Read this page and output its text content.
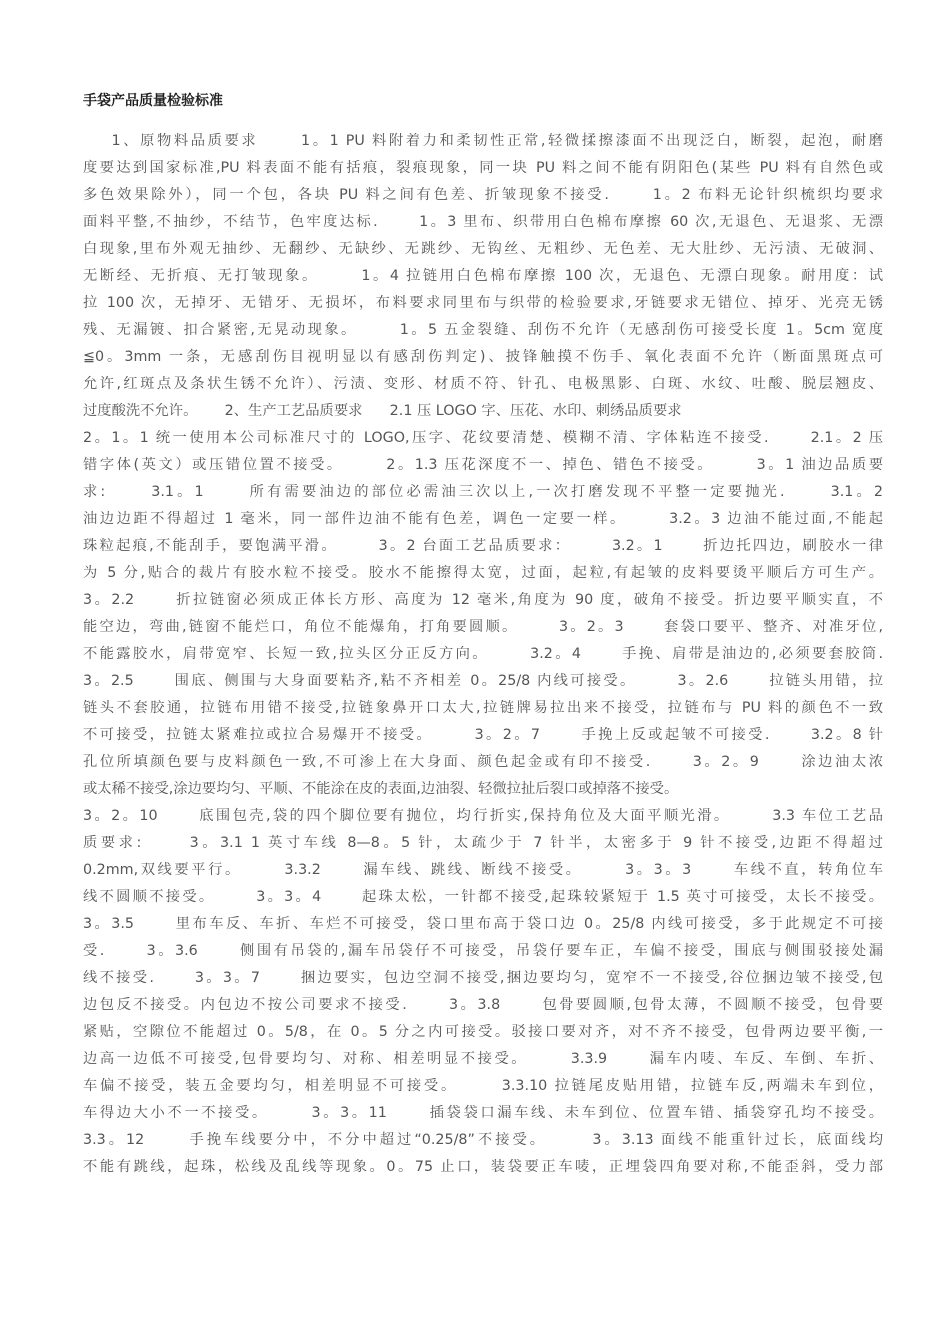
手袋产品质量检验标准
1、原物料品质要求      1。1 PU 料附着力和柔韧性正常,轻微揉擦漆面不出现泛白，断裂，起泡，耐磨
度要达到国家标准,PU 料表面不能有括痕，裂痕现象，同一块 PU 料之间不能有阴阳色(某些 PU 料有自然色或
多色效果除外），同一个包，各块 PU 料之间有色差、折皱现象不接受.      1。2 布料无论针织梳织均要求
面料平整,不抽纱，不结节，色牢度达标.      1。3 里布、织带用白色棉布摩擦 60 次,无退色、无退浆、无漂
白现象,里布外观无抽纱、无翻纱、无缺纱、无跳纱、无钩丝、无粗纱、无色差、无大肚纱、无污渍、无破洞、
无断经、无折痕、无打皱现象。      1。4 拉链用白色棉布摩擦 100 次，无退色、无漂白现象。耐用度：试
拉 100 次，无掉牙、无错牙、无损坏，布料要求同里布与织带的检验要求,牙链要求无错位、掉牙、光亮无锈
残、无漏镀、扣合紧密,无晃动现象。      1。5 五金裂缝、刮伤不允许（无感刮伤可接受长度 1。5cm 宽度
≦0。3mm 一条，无感刮伤目视明显以有感刮伤判定)、披锋触摸不伤手、氧化表面不允许（断面黑斑点可
允许,红斑点及条状生锈不允许）、污渍、变形、材质不符、针孔、电极黑影、白斑、水纹、吐酸、脱层翘皮、
过度酸洗不允许。      2、生产工艺品质要求      2.1 压 LOGO 字、压花、水印、刺绣品质要求
2。1。1 统一使用本公司标准尺寸的 LOGO,压字、花纹要清楚、模糊不清、字体粘连不接受.      2.1。2 压
错字体(英文）或压错位置不接受。      2。1.3 压花深度不一、掉色、错色不接受。      3。1 油边品质要
求:      3.1。1      所有需要油边的部位必需油三次以上,一次打磨发现不平整一定要抛光.      3.1。2
油边边距不得超过 1 毫米，同一部件边油不能有色差，调色一定要一样。      3.2。3 边油不能过面,不能起
珠粒起痕,不能刮手，要饱满平滑。      3。2 台面工艺品质要求：      3.2。1      折边托四边，刷胶水一律
为 5 分,贴合的裁片有胶水粒不接受。胶水不能擦得太宽，过面，起粒,有起皱的皮料要烫平顺后方可生产。
3。2.2      折拉链窗必须成正体长方形、高度为 12 毫米,角度为 90 度，破角不接受。折边要平顺实直，不
能空边，弯曲,链窗不能烂口，角位不能爆角，打角要圆顺。      3。2。3      套袋口要平、整齐、对准牙位,
不能露胶水，肩带宽窄、长短一致,拉头区分正反方向。      3.2。4      手挽、肩带是油边的,必须要套胶筒.
3。2.5      围底、侧围与大身面要粘齐,粘不齐相差 0。25/8 内线可接受。      3。2.6      拉链头用错，拉
链头不套胶通，拉链布用错不接受,拉链象鼻开口太大,拉链牌易拉出来不接受，拉链布与 PU 料的颜色不一致
不可接受，拉链太紧难拉或拉合易爆开不接受。      3。2。7      手挽上反或起皱不可接受.      3.2。8 针
孔位所填颜色要与皮料颜色一致,不可渗上在大身面、颜色起金或有印不接受.      3。2。9      涂边油太浓
或太稀不接受,涂边要均匀、平顺、不能涂在皮的表面,边油裂、轻微拉扯后裂口或掉落不接受。
3。2。10      底围包壳,袋的四个脚位要有抛位，均行折实,保持角位及大面平顺光滑。      3.3 车位工艺品
质要求:      3。3.1 1 英寸车线 8—8。5 针，太疏少于 7 针半，太密多于 9 针不接受,边距不得超过
0.2mm,双线要平行。      3.3.2      漏车线、跳线、断线不接受。      3。3。3      车线不直，转角位车
线不圆顺不接受。      3。3。4      起珠太松，一针都不接受,起珠较紧短于 1.5 英寸可接受，太长不接受。
3。3.5      里布车反、车折、车烂不可接受，袋口里布高于袋口边 0。25/8 内线可接受，多于此规定不可接
受.      3。3.6      侧围有吊袋的,漏车吊袋仔不可接受，吊袋仔要车正，车偏不接受，围底与侧围驳接处漏
线不接受.      3。3。7      捆边要实，包边空洞不接受,捆边要均匀，宽窄不一不接受,谷位捆边皱不接受,包
边包反不接受。内包边不按公司要求不接受.      3。3.8      包骨要圆顺,包骨太薄，不圆顺不接受，包骨要
紧贴，空隙位不能超过 0。5/8，在 0。5 分之内可接受。驳接口要对齐，对不齐不接受，包骨两边要平衡,一
边高一边低不可接受,包骨要均匀、对称、相差明显不接受。      3.3.9      漏车内唛、车反、车倒、车折、
车偏不接受，装五金要均匀，相差明显不可接受。      3.3.10 拉链尾皮贴用错，拉链车反,两端未车到位，
车得边大小不一不接受。      3。3。11      插袋袋口漏车线、未车到位、位置车错、插袋穿孔均不接受。
3.3。12      手挽车线要分中，不分中超过“0.25/8”不接受。      3。3.13 面线不能重针过长，底面线均
不能有跳线，起珠，松线及乱线等现象。0。75 止口，装袋要正车唛，正埋袋四角要对称,不能歪斜，受力部
